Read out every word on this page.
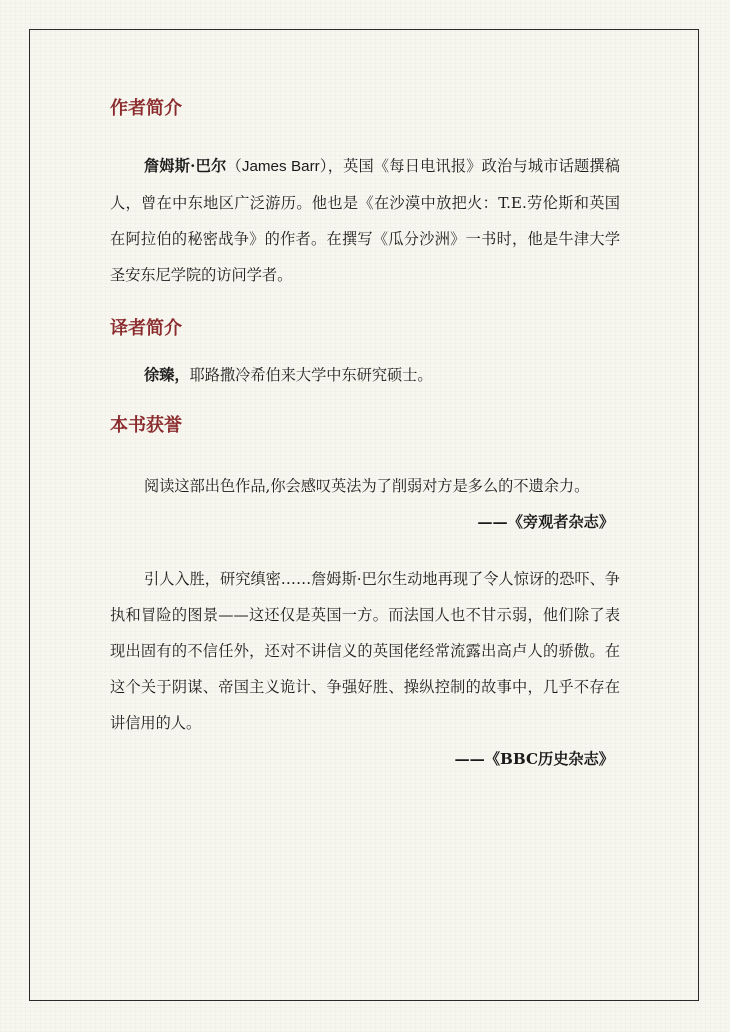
作者简介

詹姆斯·巴尔（James Barr），英国《每日电讯报》政治与城市话题撰稿人，曾在中东地区广泛游历。他也是《在沙漠中放把火：T.E.劳伦斯和英国在阿拉伯的秘密战争》的作者。在撰写《瓜分沙洲》一书时，他是牛津大学圣安东尼学院的访问学者。

译者简介

徐臻，耶路撒冷希伯来大学中东研究硕士。

本书获誉

阅读这部出色作品,你会感叹英法为了削弱对方是多么的不遗余力。

——《旁观者杂志》

引人入胜，研究缜密……詹姆斯·巴尔生动地再现了令人惊讶的恐吓、争执和冒险的图景——这还仅是英国一方。而法国人也不甘示弱，他们除了表现出固有的不信任外，还对不讲信义的英国佬经常流露出高卢人的骄傲。在这个关于阴谋、帝国主义诡计、争强好胜、操纵控制的故事中，几乎不存在讲信用的人。

——《BBC历史杂志》
